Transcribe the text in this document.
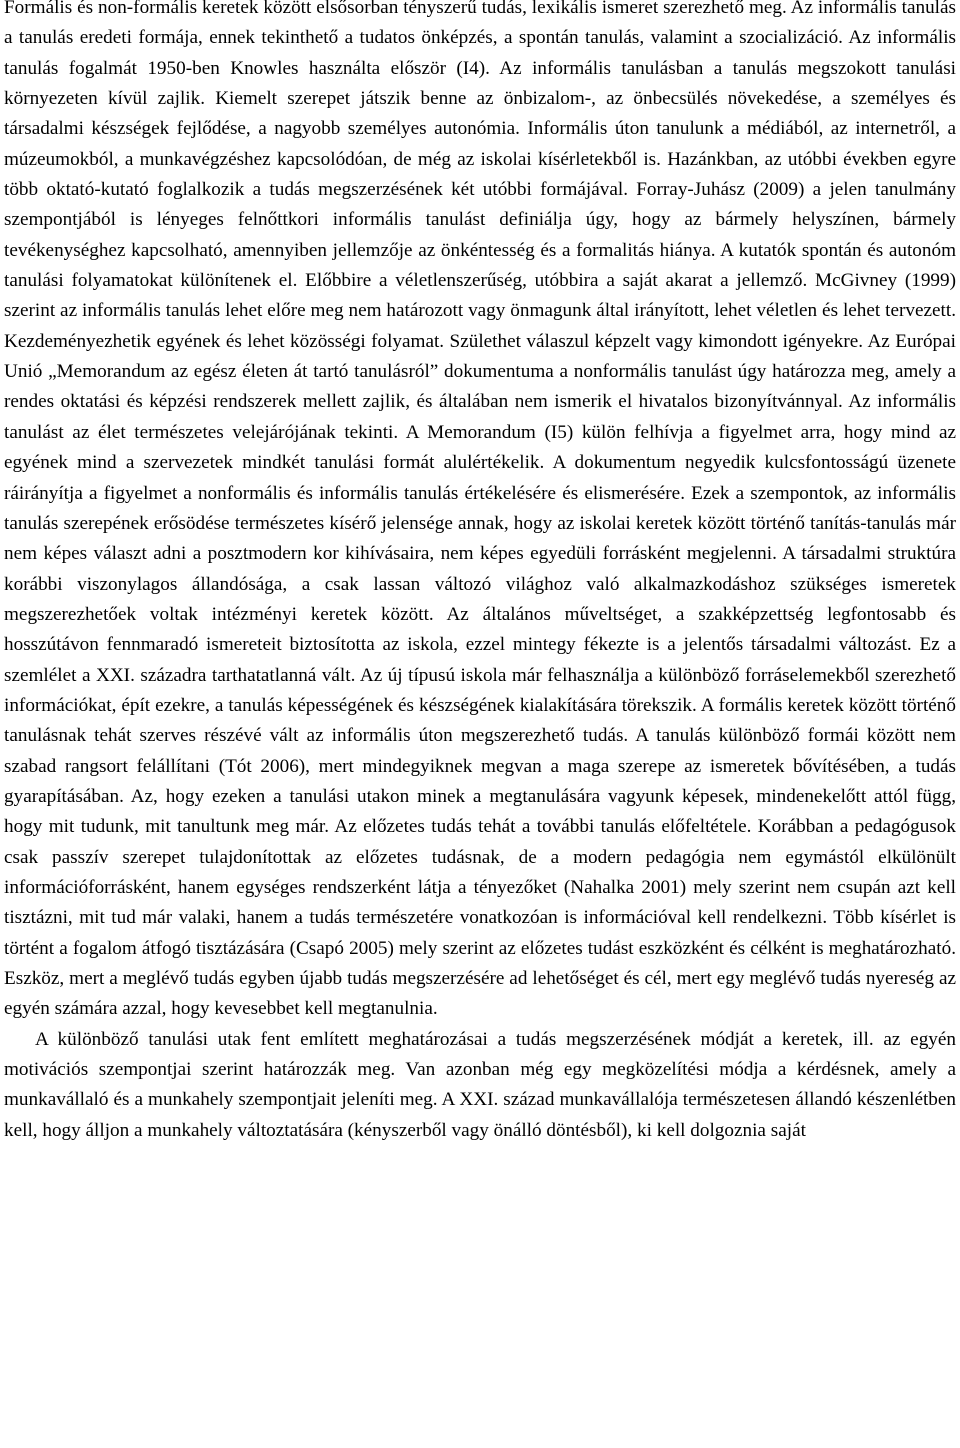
Formális és non-formális keretek között elsősorban tényszerű tudás, lexikális ismeret szerezhető meg. Az informális tanulás a tanulás eredeti formája, ennek tekinthető a tudatos önképzés, a spontán tanulás, valamint a szocializáció. Az informális tanulás fogalmát 1950-ben Knowles használta először (I4). Az informális tanulásban a tanulás megszokott tanulási környezeten kívül zajlik. Kiemelt szerepet játszik benne az önbizalom-, az önbecsülés növekedése, a személyes és társadalmi készségek fejlődése, a nagyobb személyes autonómia. Informális úton tanulunk a médiából, az internetről, a múzeumokból, a munkavégzéshez kapcsolódóan, de még az iskolai kísérletekből is. Hazánkban, az utóbbi években egyre több oktató-kutató foglalkozik a tudás megszerzésének két utóbbi formájával. Forray-Juhász (2009) a jelen tanulmány szempontjából is lényeges felnőttkori informális tanulást definiálja úgy, hogy az bármely helyszínen, bármely tevékenységhez kapcsolható, amennyiben jellemzője az önkéntesség és a formalitás hiánya. A kutatók spontán és autonóm tanulási folyamatokat különítenek el. Előbbire a véletlenszerűség, utóbbira a saját akarat a jellemző. McGivney (1999) szerint az informális tanulás lehet előre meg nem határozott vagy önmagunk által irányított, lehet véletlen és lehet tervezett. Kezdeményezhetik egyének és lehet közösségi folyamat. Születhet válaszul képzelt vagy kimondott igényekre. Az Európai Unió „Memorandum az egész életen át tartó tanulásról” dokumentuma a nonformális tanulást úgy határozza meg, amely a rendes oktatási és képzési rendszerek mellett zajlik, és általában nem ismerik el hivatalos bizonyítvánnyal. Az informális tanulást az élet természetes velejárójának tekinti. A Memorandum (I5) külön felhívja a figyelmet arra, hogy mind az egyének mind a szervezetek mindkét tanulási formát alulértékelik. A dokumentum negyedik kulcsfontosságú üzenete ráirányítja a figyelmet a nonformális és informális tanulás értékelésére és elismerésére. Ezek a szempontok, az informális tanulás szerepének erősödése természetes kísérő jelensége annak, hogy az iskolai keretek között történő tanítás-tanulás már nem képes választ adni a posztmodern kor kihívásaira, nem képes egyedüli forrásként megjelenni. A társadalmi struktúra korábbi viszonylagos állandósága, a csak lassan változó világhoz való alkalmazkodáshoz szükséges ismeretek megszerezhetőek voltak intézményi keretek között. Az általános műveltséget, a szakképzettség legfontosabb és hosszútávon fennmaradó ismereteit biztosította az iskola, ezzel mintegy fékezte is a jelentős társadalmi változást. Ez a szemlélet a XXI. századra tarthatatlanná vált. Az új típusú iskola már felhasználja a különböző forráselemekből szerezhető információkat, épít ezekre, a tanulás képességének és készségének kialakítására törekszik. A formális keretek között történő tanulásnak tehát szerves részévé vált az informális úton megszerezhető tudás. A tanulás különböző formái között nem szabad rangsort felállítani (Tót 2006), mert mindegyiknek megvan a maga szerepe az ismeretek bővítésében, a tudás gyarapításában. Az, hogy ezeken a tanulási utakon minek a megtanulására vagyunk képesek, mindenekelőtt attól függ, hogy mit tudunk, mit tanultunk meg már. Az előzetes tudás tehát a további tanulás előfeltétele. Korábban a pedagógusok csak passzív szerepet tulajdonítottak az előzetes tudásnak, de a modern pedagógia nem egymástól elkülönült információforrásként, hanem egységes rendszerként látja a tényezőket (Nahalka 2001) mely szerint nem csupán azt kell tisztázni, mit tud már valaki, hanem a tudás természetére vonatkozóan is információval kell rendelkezni. Több kísérlet is történt a fogalom átfogó tisztázására (Csapó 2005) mely szerint az előzetes tudást eszközként és célként is meghatározható. Eszköz, mert a meglévő tudás egyben újabb tudás megszerzésére ad lehetőséget és cél, mert egy meglévő tudás nyereség az egyén számára azzal, hogy kevesebbet kell megtanulnia.

A különböző tanulási utak fent említett meghatározásai a tudás megszerzésének módját a keretek, ill. az egyén motivációs szempontjai szerint határozzák meg. Van azonban még egy megközelítési módja a kérdésnek, amely a munkavállaló és a munkahely szempontjait jeleníti meg. A XXI. század munkavállalója természetesen állandó készenlétben kell, hogy álljon a munkahely változtatására (kényszerből vagy önálló döntésből), ki kell dolgoznia saját
